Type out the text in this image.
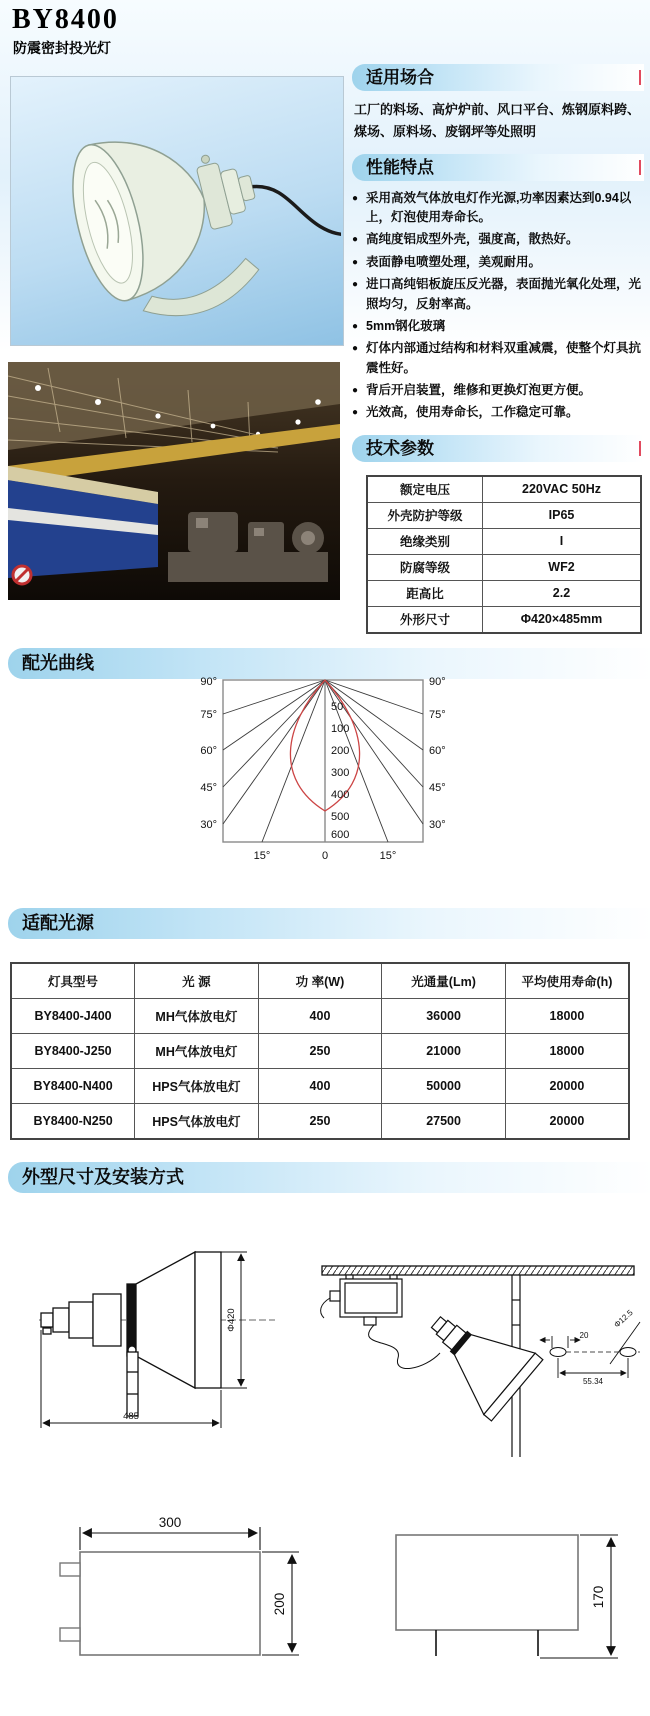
BY8400
防震密封投光灯
适用场合

工厂的料场、高炉炉前、风口平台、炼钢原料跨、煤场、原料场、废钢坪等处照明

性能特点
● 采用高效气体放电灯作光源,功率因素达到0.94以上，灯泡使用寿命长。
● 高纯度铝成型外壳，强度高，散热好。
● 表面静电喷塑处理，美观耐用。
● 进口高纯铝板旋压反光器，表面抛光氧化处理，光照均匀，反射率高。
● 5mm钢化玻璃
● 灯体内部通过结构和材料双重减震，使整个灯具抗震性好。
● 背后开启装置，维修和更换灯泡更方便。
● 光效高，使用寿命长，工作稳定可靠。
技术参数
额定电压	220VAC 50Hz
外壳防护等级	IP65
绝缘类别	I
防腐等级	WF2
距高比	2.2
外形尺寸	Φ420×485mm
配光曲线
90°
75°
60°
45°
30°
90°
75°
60°
45°
30°
50
100
200
300
400
500
600
15°	0	15°
适配光源
灯具型号	光 源	功 率(W)	光通量(Lm)	平均使用寿命(h)
BY8400-J400	MH气体放电灯	400	36000	18000
BY8400-J250	MH气体放电灯	250	21000	18000
BY8400-N400	HPS气体放电灯	400	50000	20000
BY8400-N250	HPS气体放电灯	250	27500	20000
外型尺寸及安装方式
Φ420
485
20
Φ12.5
55.34
300
200	170
